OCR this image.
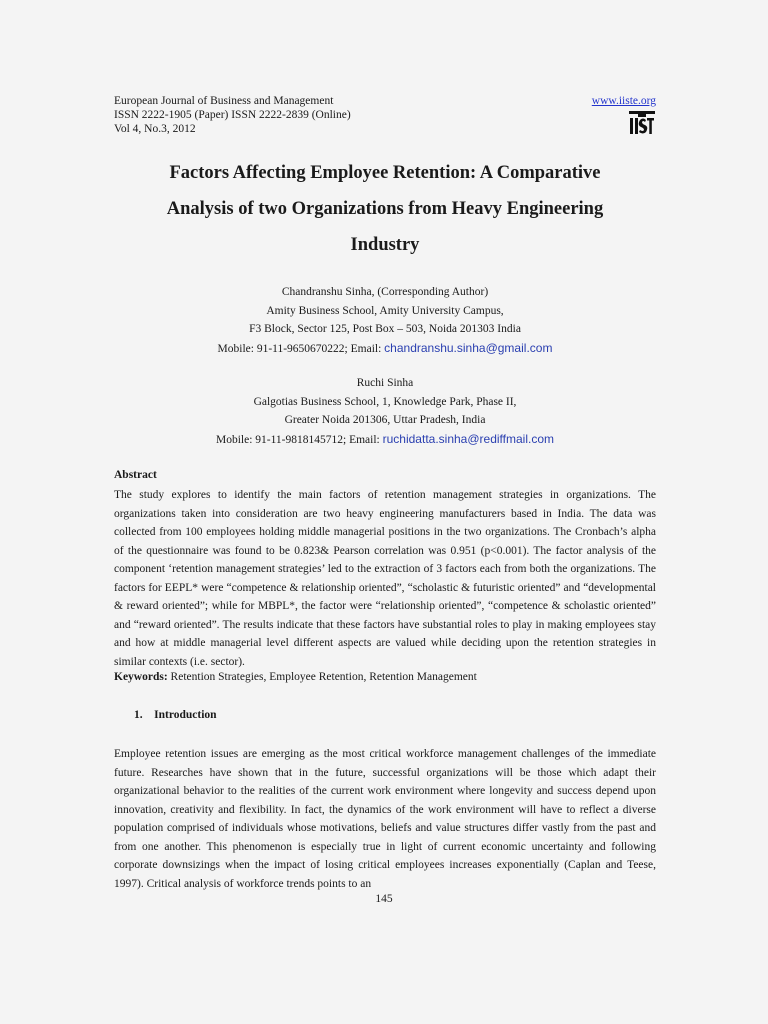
European Journal of Business and Management
ISSN 2222-1905 (Paper) ISSN 2222-2839 (Online)
Vol 4, No.3, 2012
www.iiste.org
Factors Affecting Employee Retention: A Comparative
Analysis of two Organizations from Heavy Engineering
Industry
Chandranshu Sinha, (Corresponding Author)
Amity Business School, Amity University Campus,
F3 Block, Sector 125, Post Box – 503, Noida 201303 India
Mobile: 91-11-9650670222; Email: chandranshu.sinha@gmail.com
Ruchi Sinha
Galgotias Business School, 1, Knowledge Park, Phase II,
Greater Noida 201306, Uttar Pradesh, India
Mobile: 91-11-9818145712; Email: ruchidatta.sinha@rediffmail.com
Abstract
The study explores to identify the main factors of retention management strategies in organizations. The organizations taken into consideration are two heavy engineering manufacturers based in India. The data was collected from 100 employees holding middle managerial positions in the two organizations. The Cronbach’s alpha of the questionnaire was found to be 0.823& Pearson correlation was 0.951 (p<0.001). The factor analysis of the component ‘retention management strategies’ led to the extraction of 3 factors each from both the organizations. The factors for EEPL* were “competence & relationship oriented”, “scholastic & futuristic oriented” and “developmental & reward oriented”; while for MBPL*, the factor were “relationship oriented”, “competence & scholastic oriented” and “reward oriented”. The results indicate that these factors have substantial roles to play in making employees stay and how at middle managerial level different aspects are valued while deciding upon the retention strategies in similar contexts (i.e. sector).
Keywords: Retention Strategies, Employee Retention, Retention Management
1. Introduction
Employee retention issues are emerging as the most critical workforce management challenges of the immediate future. Researches have shown that in the future, successful organizations will be those which adapt their organizational behavior to the realities of the current work environment where longevity and success depend upon innovation, creativity and flexibility. In fact, the dynamics of the work environment will have to reflect a diverse population comprised of individuals whose motivations, beliefs and value structures differ vastly from the past and from one another. This phenomenon is especially true in light of current economic uncertainty and following corporate downsizings when the impact of losing critical employees increases exponentially (Caplan and Teese, 1997). Critical analysis of workforce trends points to an
145
